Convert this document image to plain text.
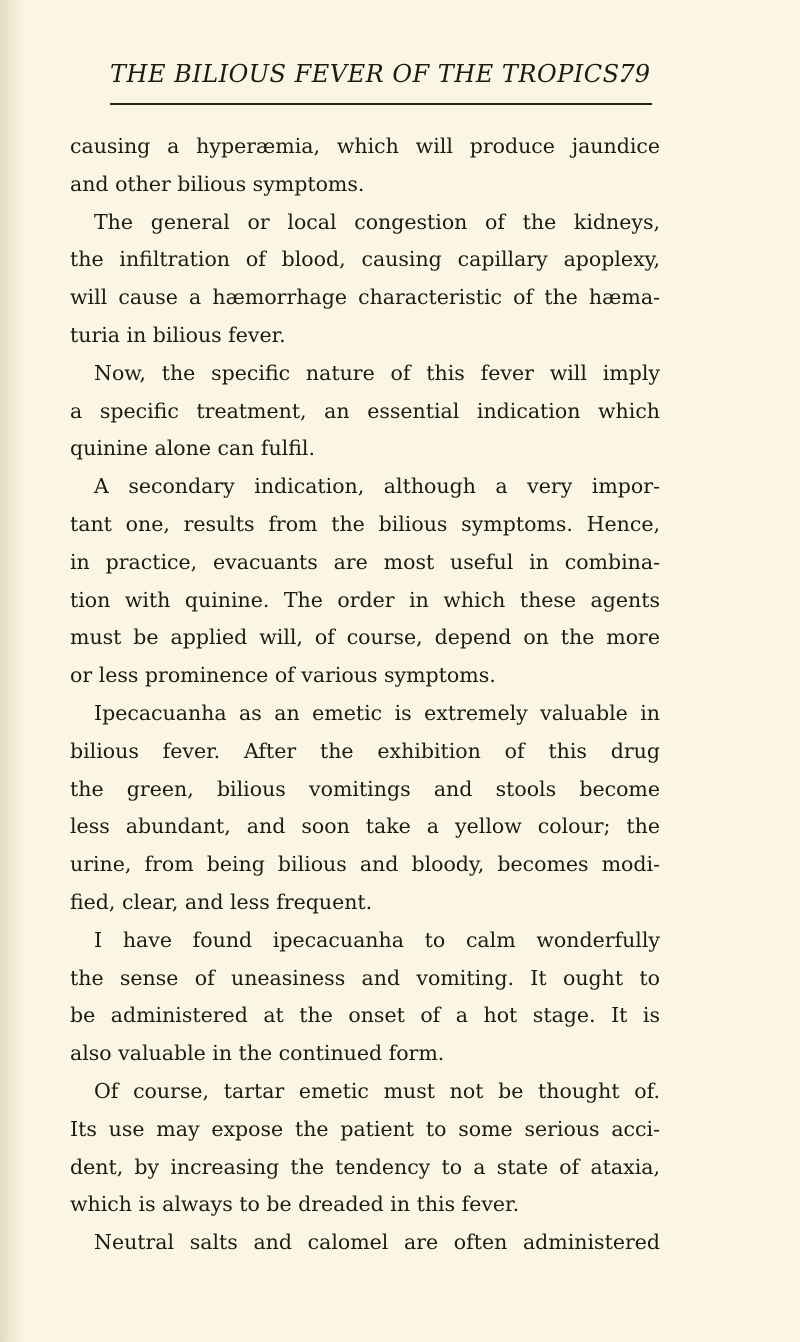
THE BILIOUS FEVER OF THE TROPICS.
79
causing a hyperæmia, which will produce jaundice
and other bilious symptoms.
The general or local congestion of the kidneys,
the infiltration of blood, causing capillary apoplexy,
will cause a hæmorrhage characteristic of the hæma-
turia in bilious fever.
Now, the specific nature of this fever will imply
a specific treatment, an essential indication which
quinine alone can fulfil.
A secondary indication, although a very impor-
tant one, results from the bilious symptoms. Hence,
in practice, evacuants are most useful in combina-
tion with quinine. The order in which these agents
must be applied will, of course, depend on the more
or less prominence of various symptoms.
Ipecacuanha as an emetic is extremely valuable in
bilious fever. After the exhibition of this drug
the green, bilious vomitings and stools become
less abundant, and soon take a yellow colour; the
urine, from being bilious and bloody, becomes modi-
fied, clear, and less frequent.
I have found ipecacuanha to calm wonderfully
the sense of uneasiness and vomiting. It ought to
be administered at the onset of a hot stage. It is
also valuable in the continued form.
Of course, tartar emetic must not be thought of.
Its use may expose the patient to some serious acci-
dent, by increasing the tendency to a state of ataxia,
which is always to be dreaded in this fever.
Neutral salts and calomel are often administered
